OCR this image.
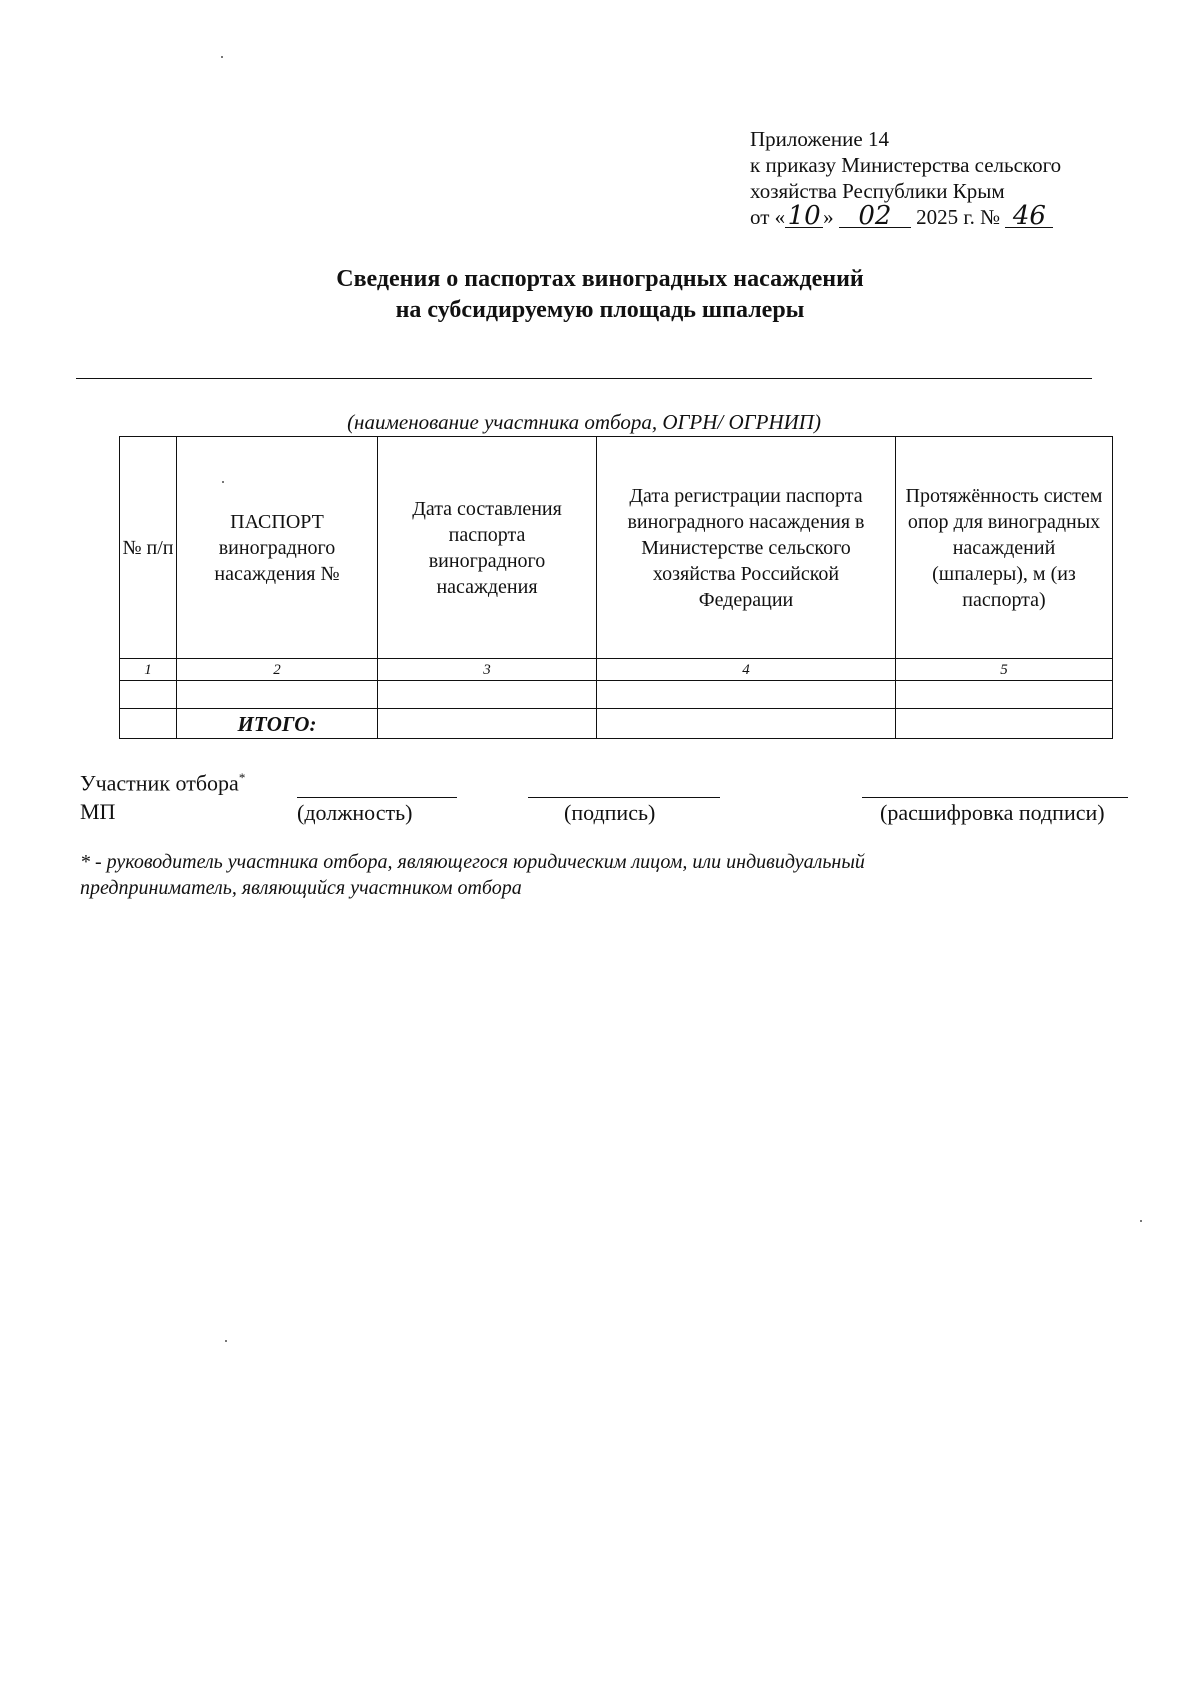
Приложение 14
к приказу Министерства сельского
хозяйства Республики Крым
от «10 » 02 2025 г. № 46
Сведения о паспортах виноградных насаждений
на субсидируемую площадь шпалеры
(наименование участника отбора, ОГРН/ ОГРНИП)
№ п/п	ПАСПОРТ виноградного насаждения №	Дата составления паспорта виноградного насаждения	Дата регистрации паспорта виноградного насаждения в Министерстве сельского хозяйства Российской Федерации	Протяжённость систем опор для виноградных насаждений (шпалеры), м (из паспорта)
1	2	3	4	5

	ИТОГО:			
Участник отбора*
МП	(должность)	(подпись)	(расшифровка подписи)
* - руководитель участника отбора, являющегося юридическим лицом, или индивидуальный
предприниматель, являющийся участником отбора
